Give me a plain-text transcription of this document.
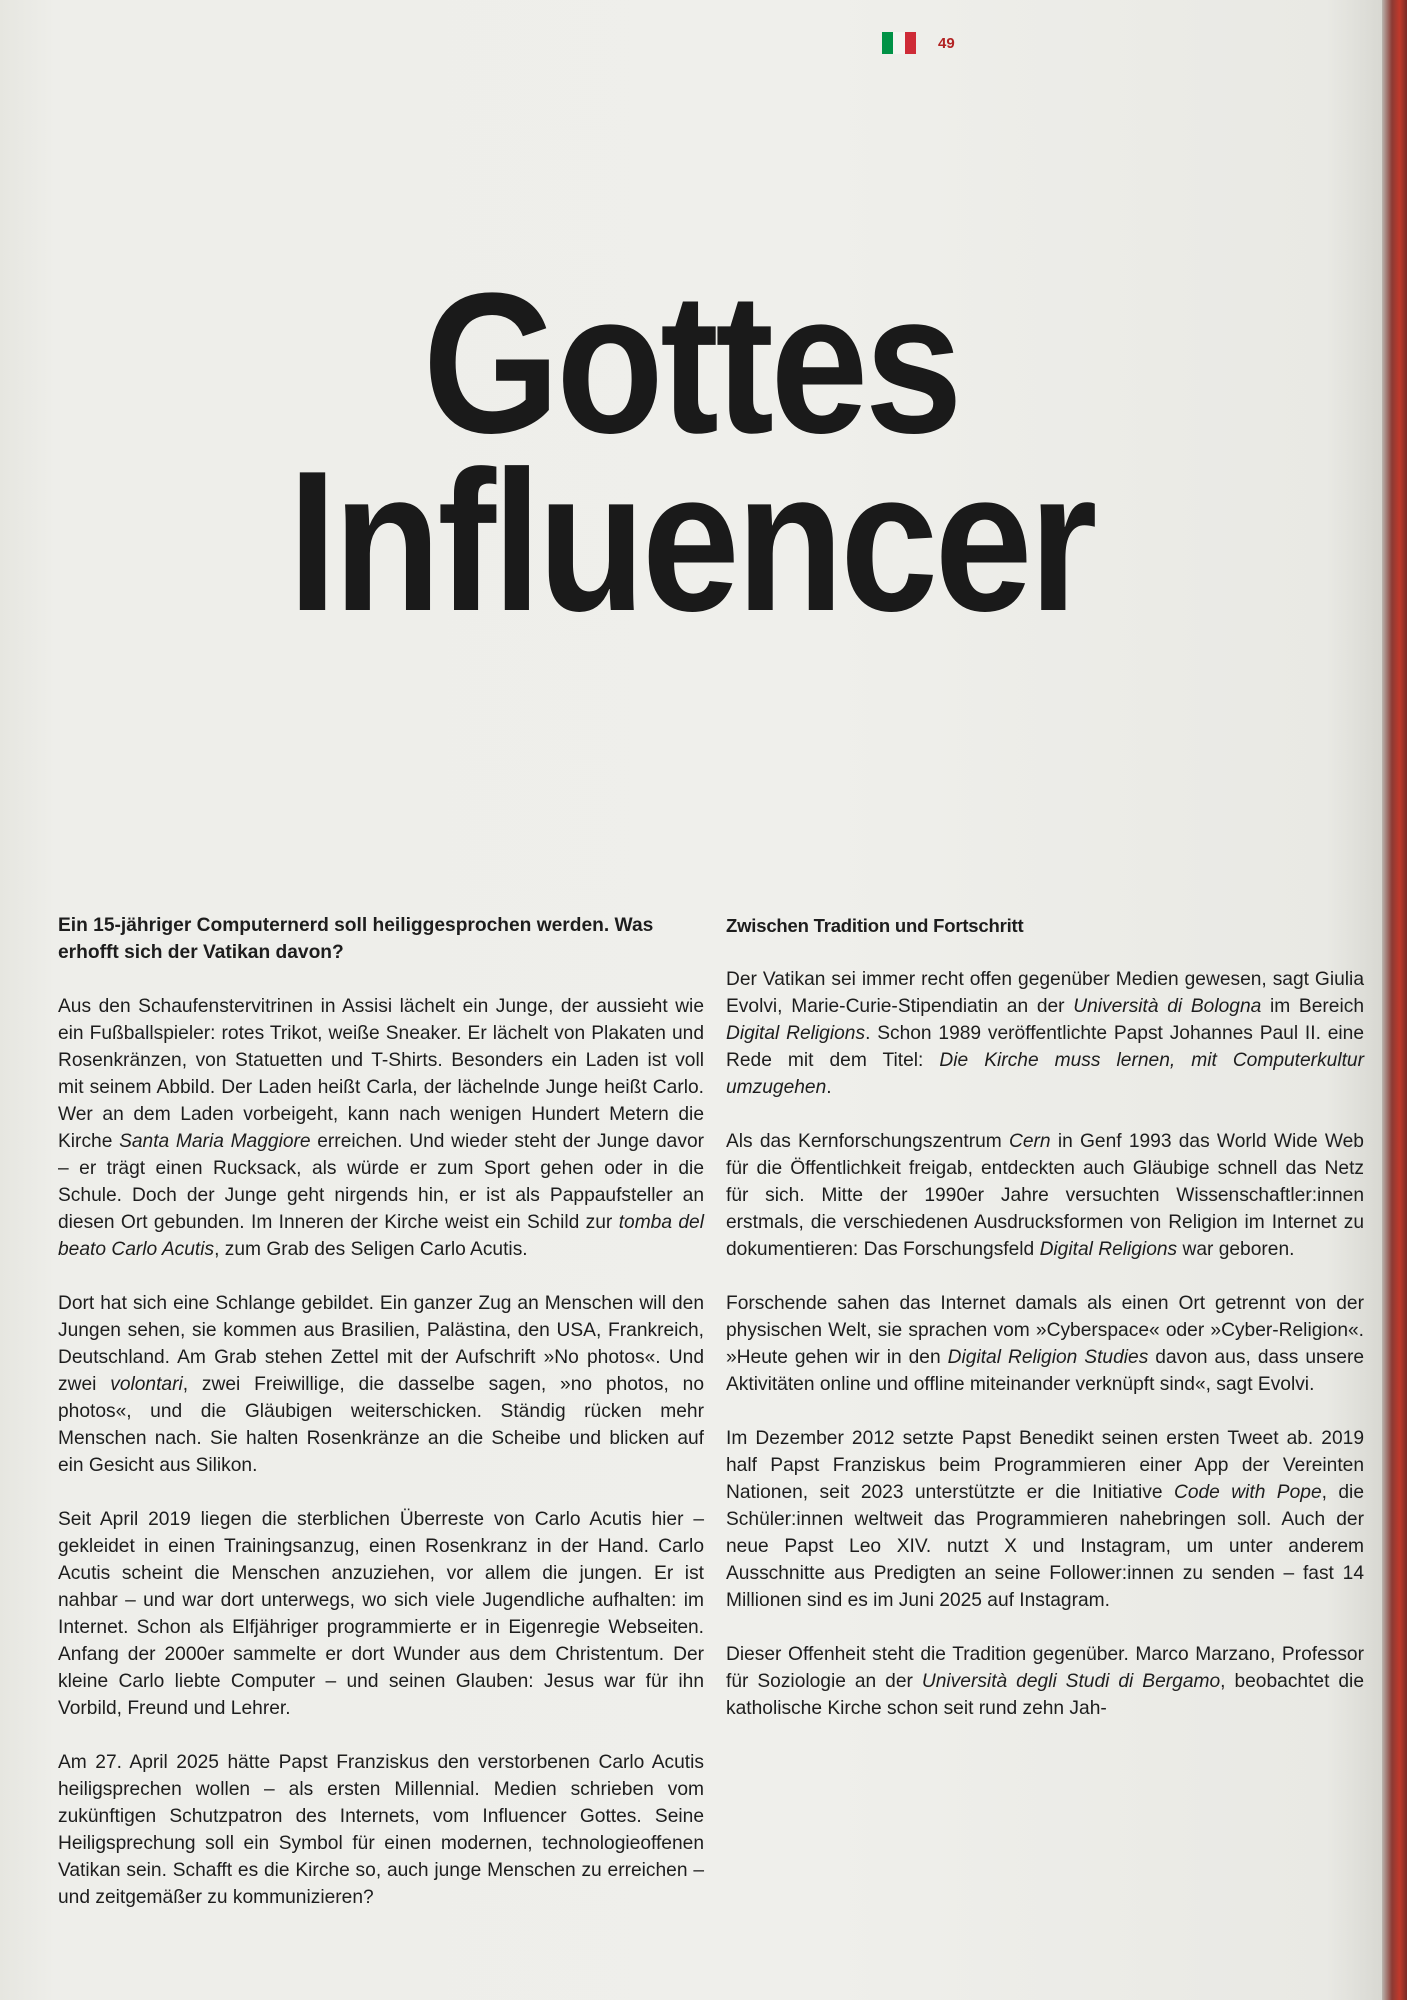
49
Gottes
Influencer

Ein 15-jähriger Computernerd soll heiliggesprochen werden. Was erhofft sich der Vatikan davon?

Aus den Schaufenstervitrinen in Assisi lächelt ein Junge, der aussieht wie ein Fußballspieler: rotes Trikot, weiße Sneaker. Er lächelt von Plakaten und Rosenkränzen, von Statuetten und T-Shirts. Besonders ein Laden ist voll mit seinem Abbild. Der Laden heißt Carla, der lächelnde Junge heißt Carlo. Wer an dem Laden vorbeigeht, kann nach wenigen Hundert Metern die Kirche Santa Maria Maggiore erreichen. Und wieder steht der Junge davor – er trägt einen Rucksack, als würde er zum Sport gehen oder in die Schule. Doch der Junge geht nirgends hin, er ist als Pappaufsteller an diesen Ort gebunden. Im Inneren der Kirche weist ein Schild zur tomba del beato Carlo Acutis, zum Grab des Seligen Carlo Acutis.

Dort hat sich eine Schlange gebildet. Ein ganzer Zug an Menschen will den Jungen sehen, sie kommen aus Brasilien, Palästina, den USA, Frankreich, Deutschland. Am Grab stehen Zettel mit der Aufschrift »No photos«. Und zwei volontari, zwei Freiwillige, die dasselbe sagen, »no photos, no photos«, und die Gläubigen weiterschicken. Ständig rücken mehr Menschen nach. Sie halten Rosenkränze an die Scheibe und blicken auf ein Gesicht aus Silikon.

Seit April 2019 liegen die sterblichen Überreste von Carlo Acutis hier – gekleidet in einen Trainingsanzug, einen Rosenkranz in der Hand. Carlo Acutis scheint die Menschen anzuziehen, vor allem die jungen. Er ist nahbar – und war dort unterwegs, wo sich viele Jugendliche aufhalten: im Internet. Schon als Elfjähriger programmierte er in Eigenregie Webseiten. Anfang der 2000er sammelte er dort Wunder aus dem Christentum. Der kleine Carlo liebte Computer – und seinen Glauben: Jesus war für ihn Vorbild, Freund und Lehrer.

Am 27. April 2025 hätte Papst Franziskus den verstorbenen Carlo Acutis heiligsprechen wollen – als ersten Millennial. Medien schrieben vom zukünftigen Schutzpatron des Internets, vom Influencer Gottes. Seine Heiligsprechung soll ein Symbol für einen modernen, technologieoffenen Vatikan sein. Schafft es die Kirche so, auch junge Menschen zu erreichen – und zeitgemäßer zu kommunizieren?

Zwischen Tradition und Fortschritt

Der Vatikan sei immer recht offen gegenüber Medien gewesen, sagt Giulia Evolvi, Marie-Curie-Stipendiatin an der Università di Bologna im Bereich Digital Religions. Schon 1989 veröffentlichte Papst Johannes Paul II. eine Rede mit dem Titel: Die Kirche muss lernen, mit Computerkultur umzugehen.

Als das Kernforschungszentrum Cern in Genf 1993 das World Wide Web für die Öffentlichkeit freigab, entdeckten auch Gläubige schnell das Netz für sich. Mitte der 1990er Jahre versuchten Wissenschaftler:innen erstmals, die verschiedenen Ausdrucksformen von Religion im Internet zu dokumentieren: Das Forschungsfeld Digital Religions war geboren.

Forschende sahen das Internet damals als einen Ort getrennt von der physischen Welt, sie sprachen vom »Cyberspace« oder »Cyber-Religion«. »Heute gehen wir in den Digital Religion Studies davon aus, dass unsere Aktivitäten online und offline miteinander verknüpft sind«, sagt Evolvi.

Im Dezember 2012 setzte Papst Benedikt seinen ersten Tweet ab. 2019 half Papst Franziskus beim Programmieren einer App der Vereinten Nationen, seit 2023 unterstützte er die Initiative Code with Pope, die Schüler:innen weltweit das Programmieren nahebringen soll. Auch der neue Papst Leo XIV. nutzt X und Instagram, um unter anderem Ausschnitte aus Predigten an seine Follower:innen zu senden – fast 14 Millionen sind es im Juni 2025 auf Instagram.

Dieser Offenheit steht die Tradition gegenüber. Marco Marzano, Professor für Soziologie an der Università degli Studi di Bergamo, beobachtet die katholische Kirche schon seit rund zehn Jah-
